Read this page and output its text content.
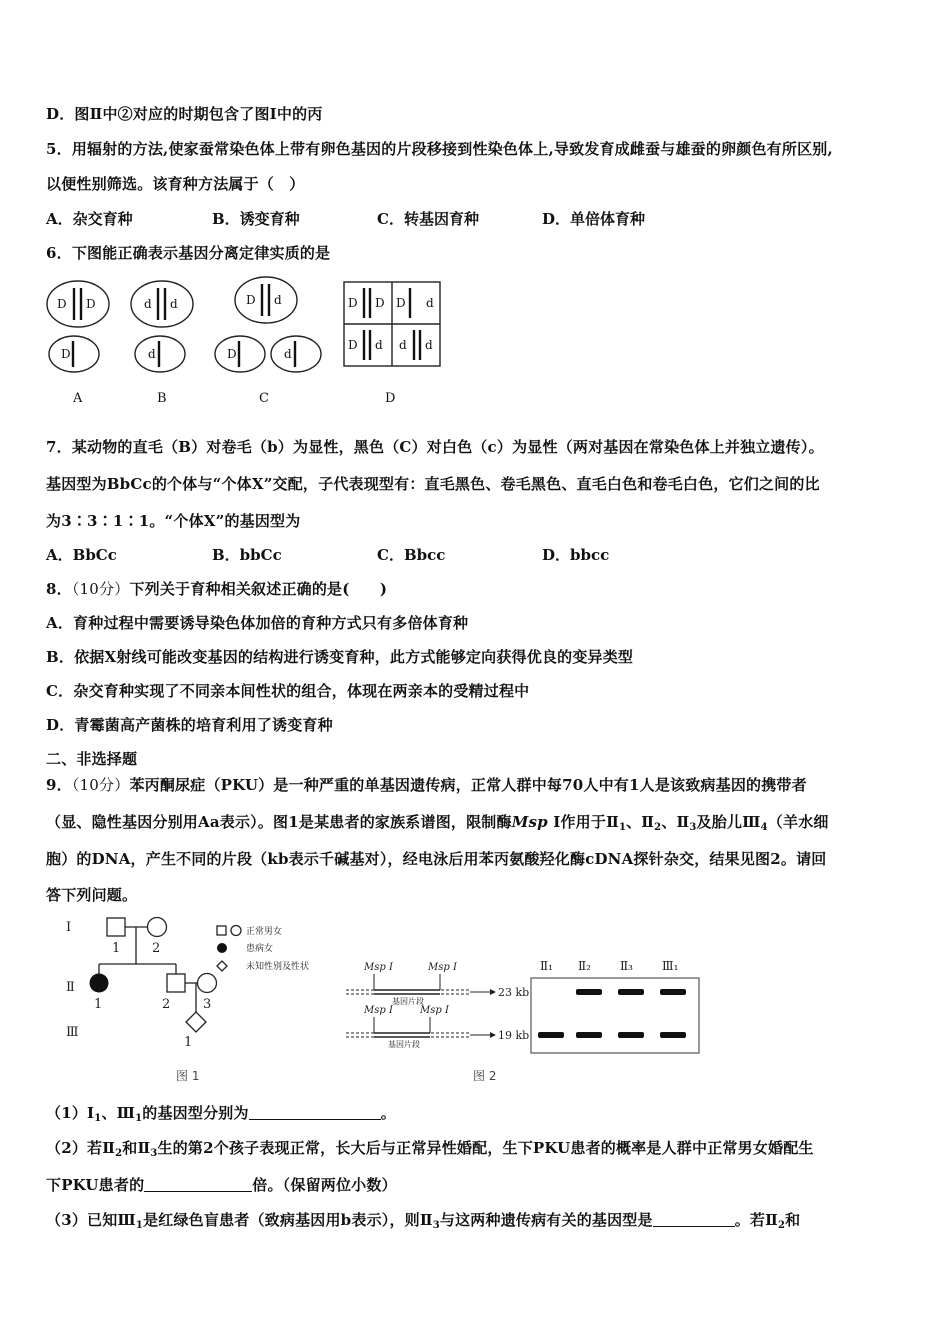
D．图Ⅱ中②对应的时期包含了图Ⅰ中的丙
5．用辐射的方法,使家蚕常染色体上带有卵色基因的片段移接到性染色体上,导致发育成雌蚕与雄蚕的卵颜色有所区别,
以便性别筛选。该育种方法属于（　）
A．杂交育种	B．诱变育种	C．转基因育种	D．单倍体育种
6．下图能正确表示基因分离定律实质的是
D D
D
d d
d
D d
D	d
D D D d
D d d d
A	B	C	D
7．某动物的直毛（B）对卷毛（b）为显性，黑色（C）对白色（c）为显性（两对基因在常染色体上并独立遗传）。
基因型为BbCc的个体与“个体X”交配，子代表现型有：直毛黑色、卷毛黑色、直毛白色和卷毛白色，它们之间的比
为3∶3∶1∶1。“个体X”的基因型为
A．BbCc	B．bbCc	C．Bbcc	D．bbcc
8．（10分）下列关于育种相关叙述正确的是(　　)
A．育种过程中需要诱导染色体加倍的育种方式只有多倍体育种
B．依据X射线可能改变基因的结构进行诱变育种，此方式能够定向获得优良的变异类型
C．杂交育种实现了不同亲本间性状的组合，体现在两亲本的受精过程中
D．青霉菌高产菌株的培育利用了诱变育种
二、非选择题
9．（10分）苯丙酮尿症（PKU）是一种严重的单基因遗传病，正常人群中每70人中有1人是该致病基因的携带者
（显、隐性基因分别用Aa表示）。图1是某患者的家族系谱图，限制酶Msp I作用于$Ⅱ_1$、$Ⅱ_2$、$Ⅱ_3$及胎儿$Ⅲ_4$（羊水细
胞）的DNA，产生不同的片段（kb表示千碱基对），经电泳后用苯丙氨酸羟化酶cDNA探针杂交，结果见图2。请回
答下列问题。
Ⅰ
Ⅱ
Ⅲ
1 2
1	2	3
1
正常男女
患病女
未知性别及性状
图 1
Msp I	Msp I
Msp I	Msp I
基因片段
基因片段
23 kb
19 kb
Ⅱ₁ Ⅱ₂ Ⅱ₃ Ⅲ₁
图 2
$(1)I_1$、$Ⅲ_1$的基因型分别为	。
（2）若$Ⅱ_2$和$Ⅱ_3$生的第2个孩子表现正常，长大后与正常异性婚配，生下PKU患者的概率是人群中正常男女婚配生
下PKU患者的	倍。（保留两位小数）
（3）已知$Ⅲ_1$是红绿色盲患者（致病基因用b表示），则$Ⅱ_3$与这两种遗传病有关的基因型是	。若$Ⅱ_2$和
